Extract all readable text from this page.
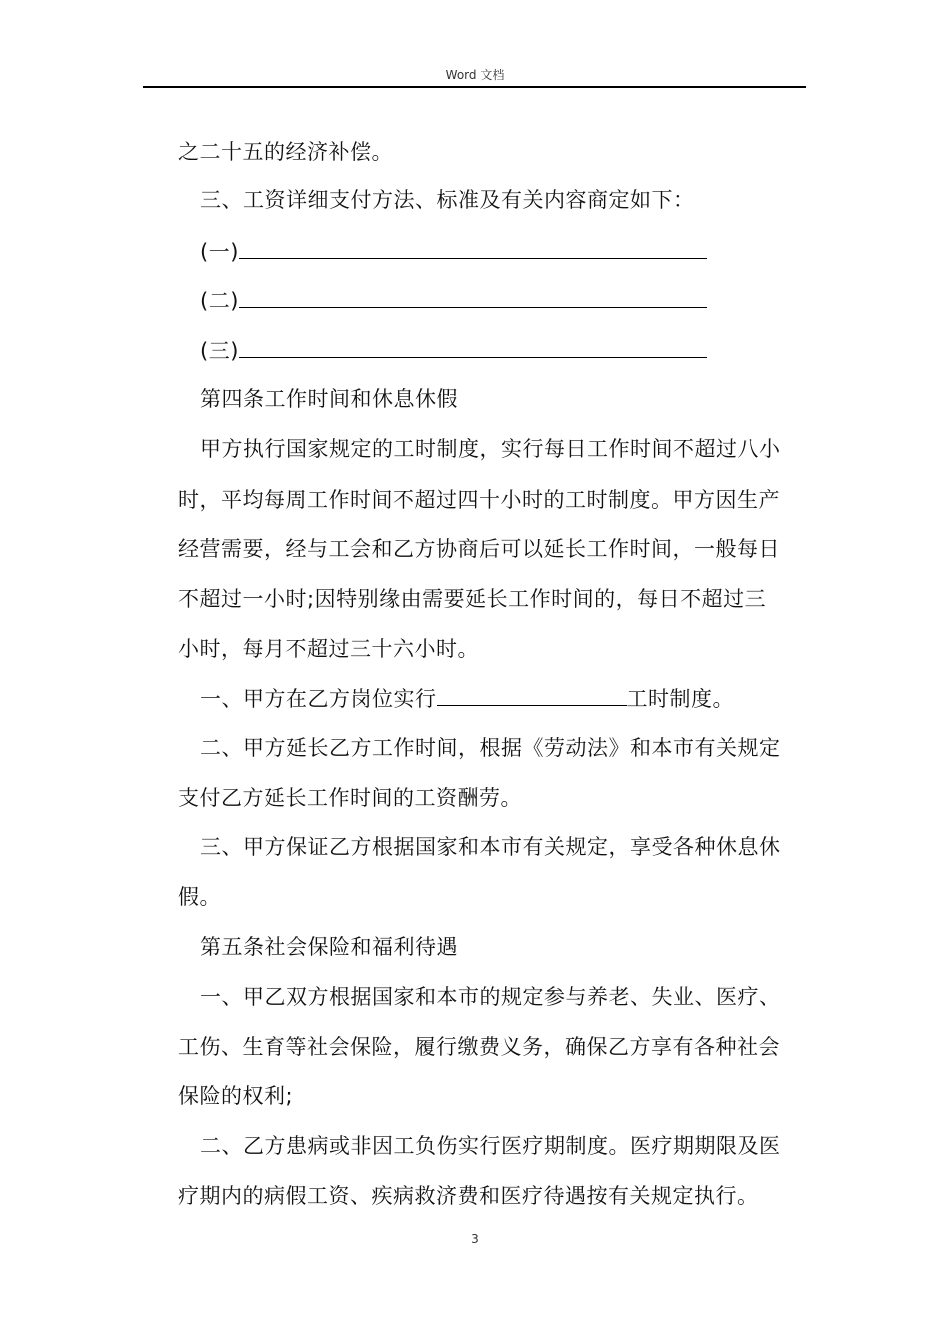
Word 文档
之二十五的经济补偿。
三、工资详细支付方法、标准及有关内容商定如下：
(一)
(二)
(三)
第四条工作时间和休息休假
甲方执行国家规定的工时制度，实行每日工作时间不超过八小
时，平均每周工作时间不超过四十小时的工时制度。甲方因生产
经营需要，经与工会和乙方协商后可以延长工作时间，一般每日
不超过一小时;因特别缘由需要延长工作时间的，每日不超过三
小时，每月不超过三十六小时。
一、甲方在乙方岗位实行	工时制度。
二、甲方延长乙方工作时间，根据《劳动法》和本市有关规定
支付乙方延长工作时间的工资酬劳。
三、甲方保证乙方根据国家和本市有关规定，享受各种休息休
假。
第五条社会保险和福利待遇
一、甲乙双方根据国家和本市的规定参与养老、失业、医疗、
工伤、生育等社会保险，履行缴费义务，确保乙方享有各种社会
保险的权利;
二、乙方患病或非因工负伤实行医疗期制度。医疗期期限及医
疗期内的病假工资、疾病救济费和医疗待遇按有关规定执行。
3
